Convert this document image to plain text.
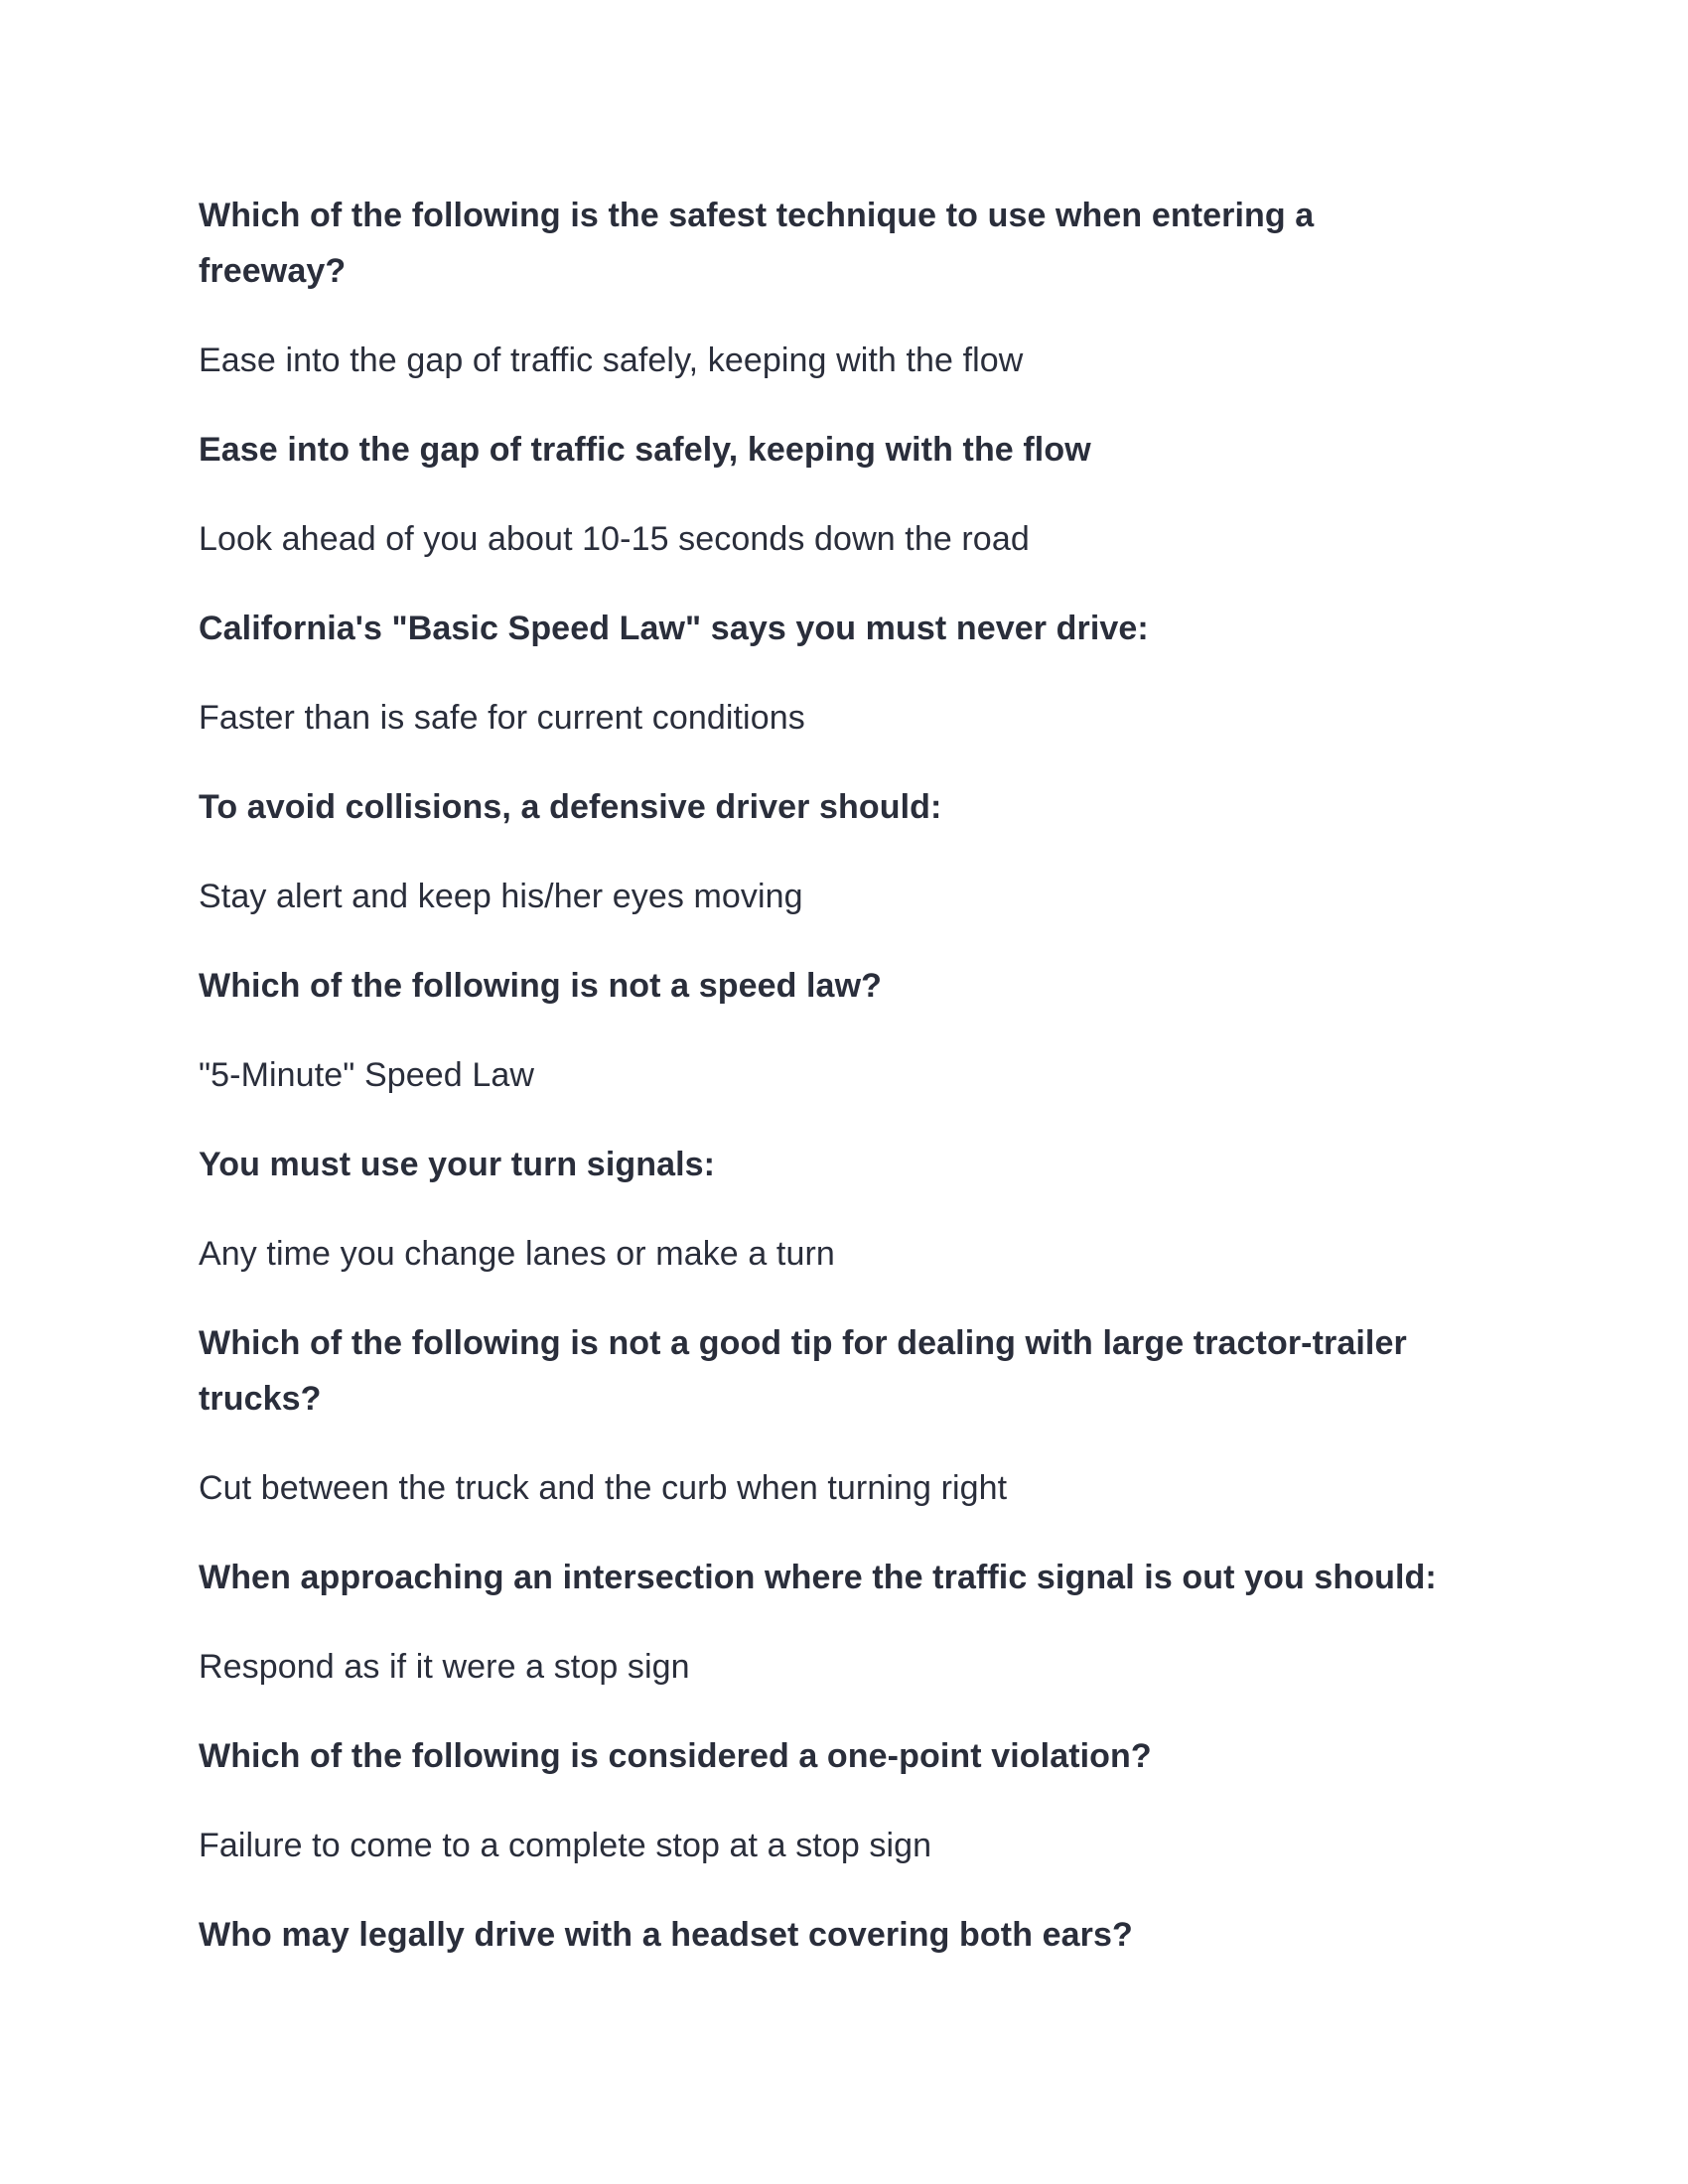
Which of the following is the safest technique to use when entering a freeway?

Ease into the gap of traffic safely, keeping with the flow

Ease into the gap of traffic safely, keeping with the flow

Look ahead of you about 10-15 seconds down the road

California's "Basic Speed Law" says you must never drive:

Faster than is safe for current conditions

To avoid collisions, a defensive driver should:

Stay alert and keep his/her eyes moving

Which of the following is not a speed law?

"5-Minute" Speed Law

You must use your turn signals:

Any time you change lanes or make a turn

Which of the following is not a good tip for dealing with large tractor-trailer trucks?

Cut between the truck and the curb when turning right

When approaching an intersection where the traffic signal is out you should:

Respond as if it were a stop sign

Which of the following is considered a one-point violation?

Failure to come to a complete stop at a stop sign

Who may legally drive with a headset covering both ears?
